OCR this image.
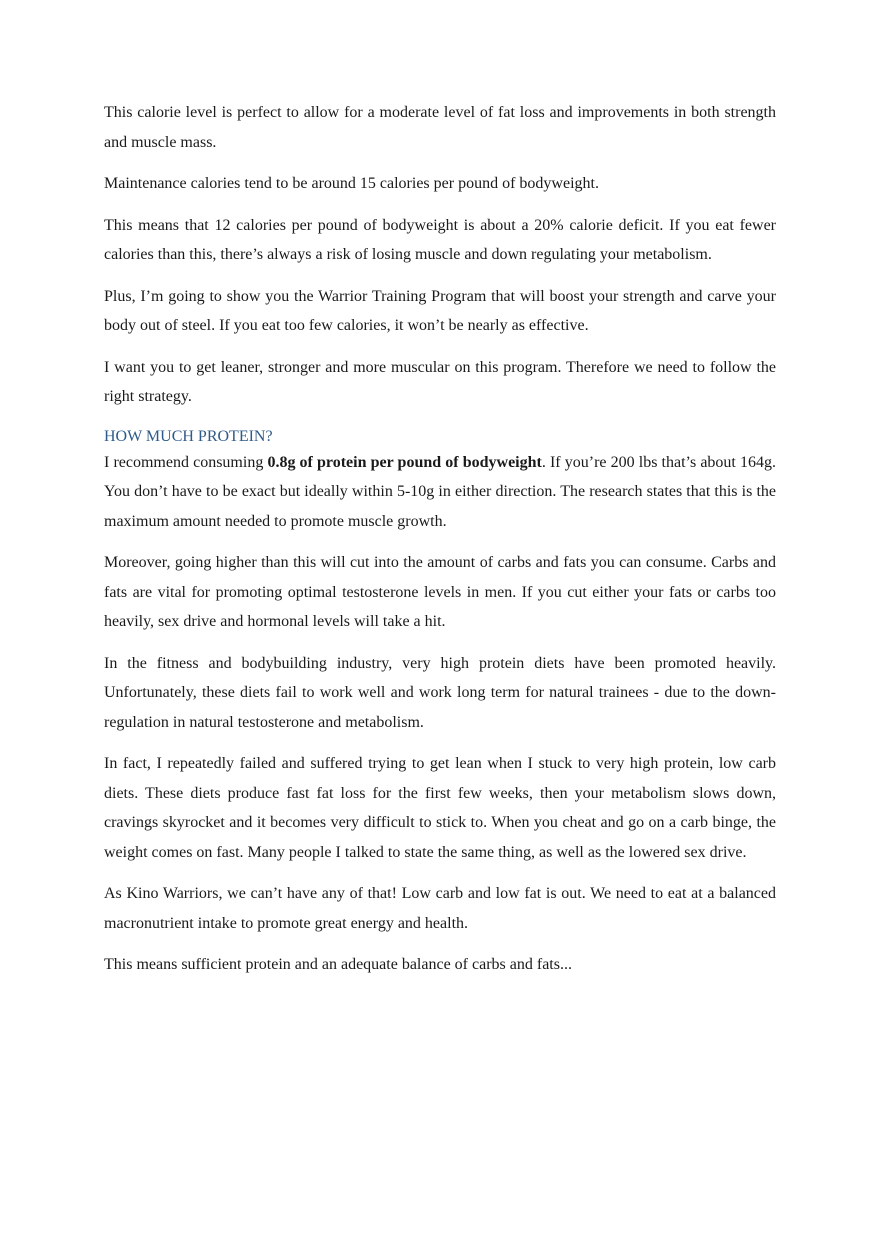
This calorie level is perfect to allow for a moderate level of fat loss and improvements in both strength and muscle mass.

Maintenance calories tend to be around 15 calories per pound of bodyweight.

This means that 12 calories per pound of bodyweight is about a 20% calorie deficit. If you eat fewer calories than this, there’s always a risk of losing muscle and down regulating your metabolism.

Plus, I’m going to show you the Warrior Training Program that will boost your strength and carve your body out of steel. If you eat too few calories, it won’t be nearly as effective.

I want you to get leaner, stronger and more muscular on this program. Therefore we need to follow the right strategy.

HOW MUCH PROTEIN?

I recommend consuming 0.8g of protein per pound of bodyweight. If you’re 200 lbs that’s about 164g. You don’t have to be exact but ideally within 5-10g in either direction. The research states that this is the maximum amount needed to promote muscle growth.

Moreover, going higher than this will cut into the amount of carbs and fats you can consume. Carbs and fats are vital for promoting optimal testosterone levels in men. If you cut either your fats or carbs too heavily, sex drive and hormonal levels will take a hit.

In the fitness and bodybuilding industry, very high protein diets have been promoted heavily. Unfortunately, these diets fail to work well and work long term for natural trainees - due to the down-regulation in natural testosterone and metabolism.

In fact, I repeatedly failed and suffered trying to get lean when I stuck to very high protein, low carb diets. These diets produce fast fat loss for the first few weeks, then your metabolism slows down, cravings skyrocket and it becomes very difficult to stick to. When you cheat and go on a carb binge, the weight comes on fast. Many people I talked to state the same thing, as well as the lowered sex drive.

As Kino Warriors, we can’t have any of that! Low carb and low fat is out. We need to eat at a balanced macronutrient intake to promote great energy and health.

This means sufficient protein and an adequate balance of carbs and fats...
